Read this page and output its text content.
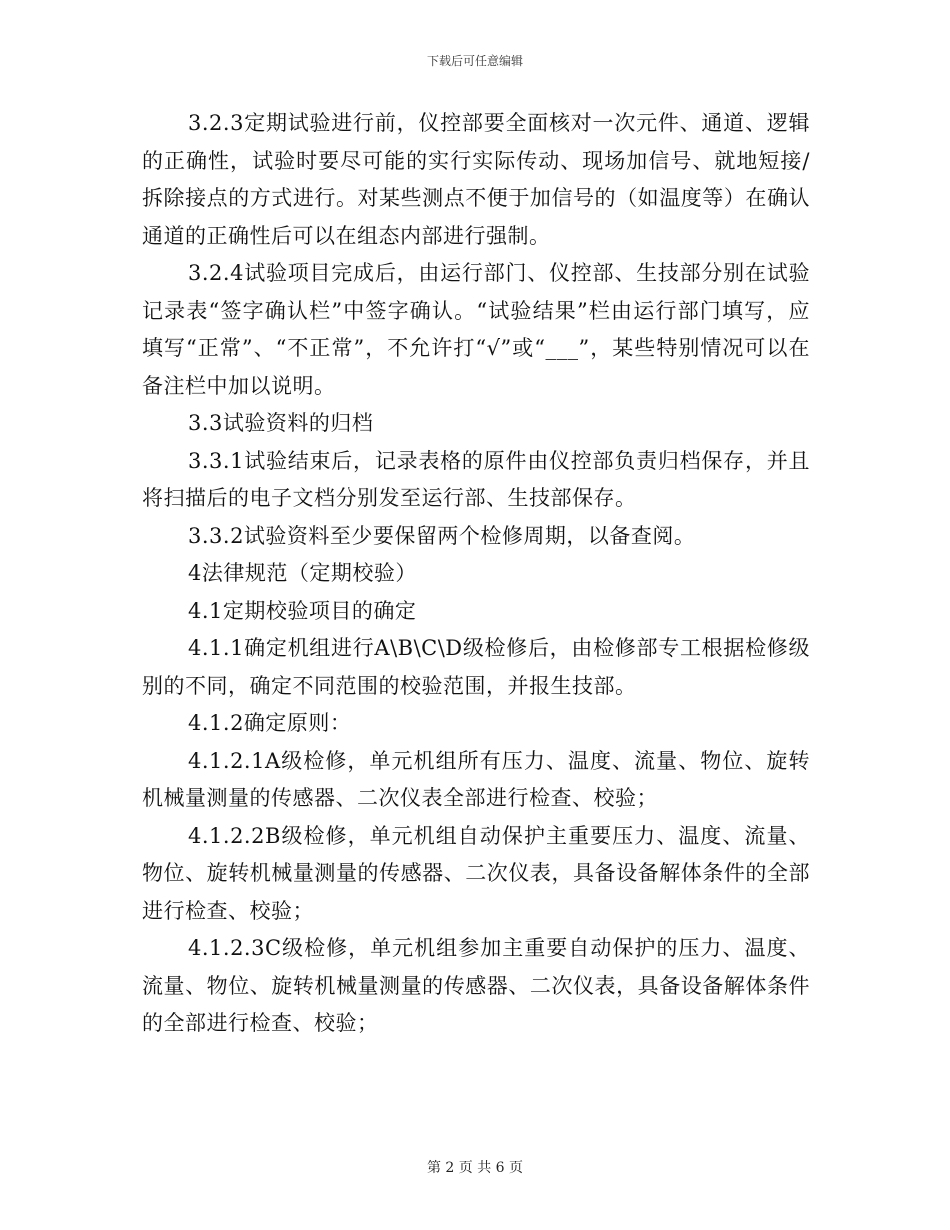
下载后可任意编辑

3.2.3定期试验进行前，仪控部要全面核对一次元件、通道、逻辑的正确性，试验时要尽可能的实行实际传动、现场加信号、就地短接/拆除接点的方式进行。对某些测点不便于加信号的（如温度等）在确认通道的正确性后可以在组态内部进行强制。

3.2.4试验项目完成后，由运行部门、仪控部、生技部分别在试验记录表“签字确认栏”中签字确认。“试验结果”栏由运行部门填写，应填写“正常”、“不正常”，不允许打“√”或“___”，某些特别情况可以在备注栏中加以说明。

3.3试验资料的归档

3.3.1试验结束后，记录表格的原件由仪控部负责归档保存，并且将扫描后的电子文档分别发至运行部、生技部保存。

3.3.2试验资料至少要保留两个检修周期，以备查阅。

4法律规范（定期校验）

4.1定期校验项目的确定

4.1.1确定机组进行A\B\C\D级检修后，由检修部专工根据检修级别的不同，确定不同范围的校验范围，并报生技部。

4.1.2确定原则：

4.1.2.1A级检修，单元机组所有压力、温度、流量、物位、旋转机械量测量的传感器、二次仪表全部进行检查、校验；

4.1.2.2B级检修，单元机组自动保护主重要压力、温度、流量、物位、旋转机械量测量的传感器、二次仪表，具备设备解体条件的全部进行检查、校验；

4.1.2.3C级检修，单元机组参加主重要自动保护的压力、温度、流量、物位、旋转机械量测量的传感器、二次仪表，具备设备解体条件的全部进行检查、校验；

第 2 页 共 6 页
